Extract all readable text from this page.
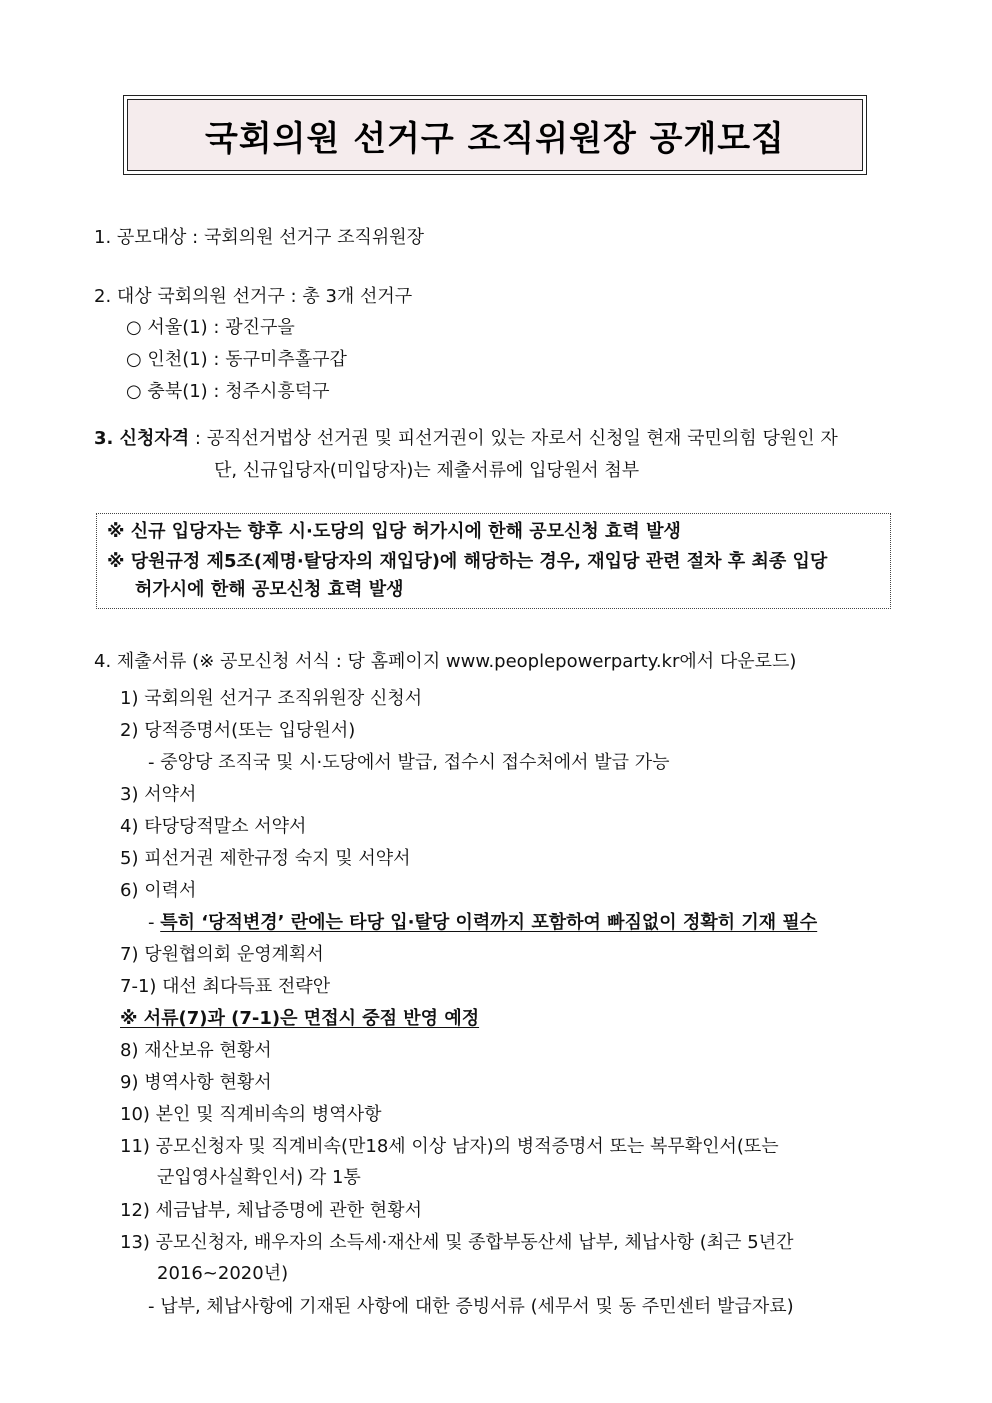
국회의원 선거구 조직위원장 공개모집
1. 공모대상 : 국회의원 선거구 조직위원장
2. 대상 국회의원 선거구 : 총 3개 선거구
○ 서울(1) : 광진구을
○ 인천(1) : 동구미추홀구갑
○ 충북(1) : 청주시흥덕구
3. 신청자격 : 공직선거법상 선거권 및 피선거권이 있는 자로서 신청일 현재 국민의힘 당원인 자
단, 신규입당자(미입당자)는 제출서류에 입당원서 첨부
※ 신규 입당자는 향후 시·도당의 입당 허가시에 한해 공모신청 효력 발생
※ 당원규정 제5조(제명·탈당자의 재입당)에 해당하는 경우, 재입당 관련 절차 후 최종 입당
허가시에 한해 공모신청 효력 발생
4. 제출서류 (※ 공모신청 서식 : 당 홈페이지 www.peoplepowerparty.kr에서 다운로드)
1) 국회의원 선거구 조직위원장 신청서
2) 당적증명서(또는 입당원서)
- 중앙당 조직국 및 시·도당에서 발급, 접수시 접수처에서 발급 가능
3) 서약서
4) 타당당적말소 서약서
5) 피선거권 제한규정 숙지 및 서약서
6) 이력서
- 특히 ‘당적변경’ 란에는 타당 입·탈당 이력까지 포함하여 빠짐없이 정확히 기재 필수
7) 당원협의회 운영계획서
7-1) 대선 최다득표 전략안
※ 서류(7)과 (7-1)은 면접시 중점 반영 예정
8) 재산보유 현황서
9) 병역사항 현황서
10) 본인 및 직계비속의 병역사항
11) 공모신청자 및 직계비속(만18세 이상 남자)의 병적증명서 또는 복무확인서(또는
군입영사실확인서) 각 1통
12) 세금납부, 체납증명에 관한 현황서
13) 공모신청자, 배우자의 소득세·재산세 및 종합부동산세 납부, 체납사항 (최근 5년간
2016~2020년)
- 납부, 체납사항에 기재된 사항에 대한 증빙서류 (세무서 및 동 주민센터 발급자료)
